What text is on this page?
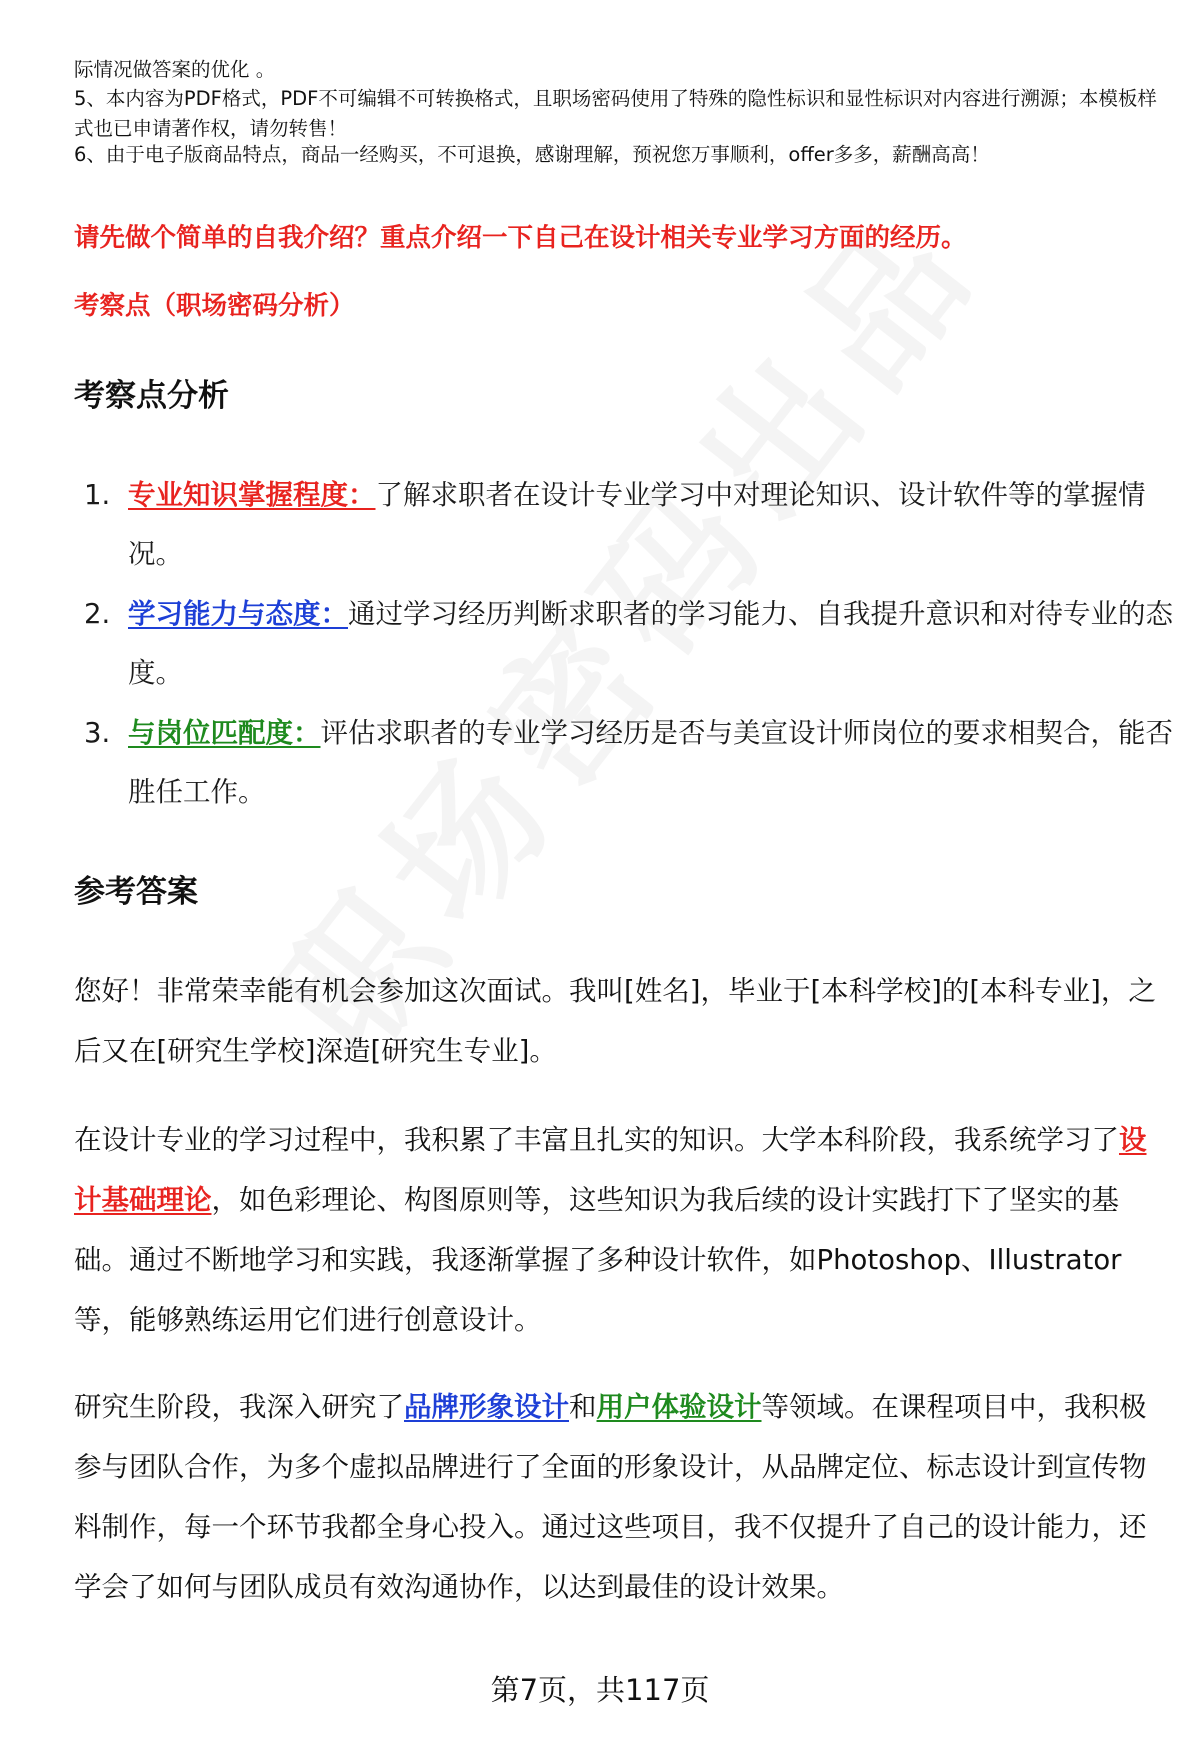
际情况做答案的优化 。

5、本内容为PDF格式，PDF不可编辑不可转换格式，且职场密码使用了特殊的隐性标识和显性标识对内容进行溯源；本模板样式也已申请著作权，请勿转售！

6、由于电子版商品特点，商品一经购买，不可退换，感谢理解，预祝您万事顺利，offer多多，薪酬高高！

请先做个简单的自我介绍？重点介绍一下自己在设计相关专业学习方面的经历。

考察点（职场密码分析）

考察点分析
1. 专业知识掌握程度：了解求职者在设计专业学习中对理论知识、设计软件等的掌握情况。
2. 学习能力与态度：通过学习经历判断求职者的学习能力、自我提升意识和对待专业的态度。
3. 与岗位匹配度：评估求职者的专业学习经历是否与美宣设计师岗位的要求相契合，能否胜任工作。
参考答案

您好！非常荣幸能有机会参加这次面试。我叫[姓名]，毕业于[本科学校]的[本科专业]，之后又在[研究生学校]深造[研究生专业]。

在设计专业的学习过程中，我积累了丰富且扎实的知识。大学本科阶段，我系统学习了设计基础理论，如色彩理论、构图原则等，这些知识为我后续的设计实践打下了坚实的基础。通过不断地学习和实践，我逐渐掌握了多种设计软件，如Photoshop、Illustrator等，能够熟练运用它们进行创意设计。

研究生阶段，我深入研究了品牌形象设计和用户体验设计等领域。在课程项目中，我积极参与团队合作，为多个虚拟品牌进行了全面的形象设计，从品牌定位、标志设计到宣传物料制作，每一个环节我都全身心投入。通过这些项目，我不仅提升了自己的设计能力，还学会了如何与团队成员有效沟通协作，以达到最佳的设计效果。

第7页，共117页
